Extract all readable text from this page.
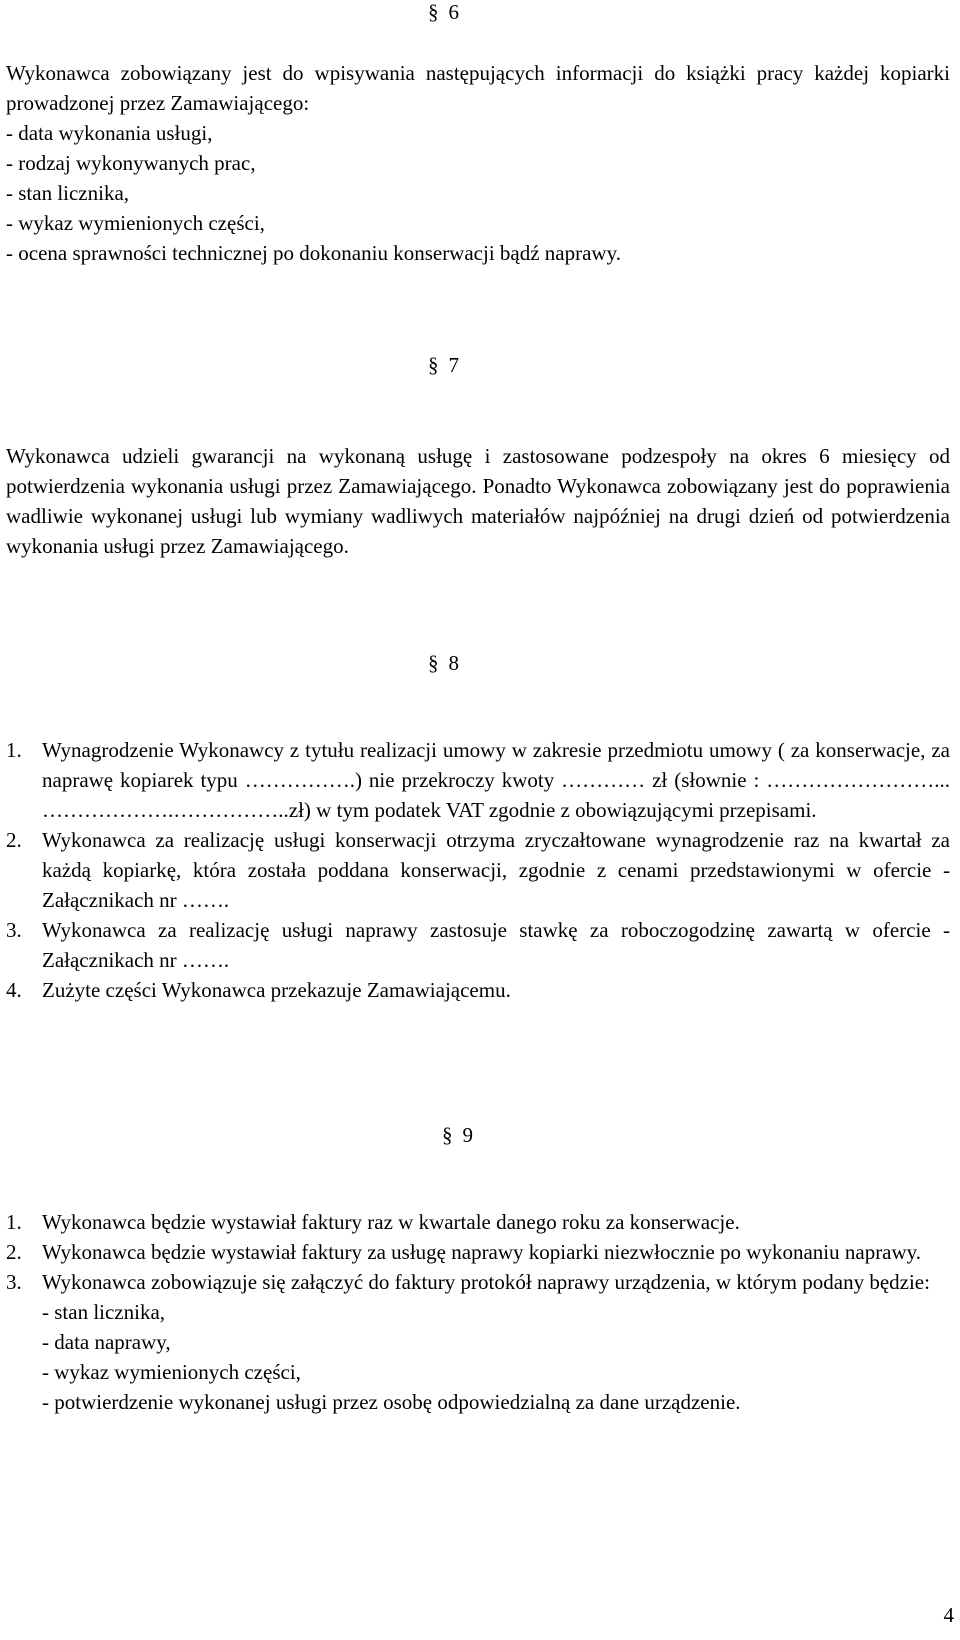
§ 6

Wykonawca zobowiązany jest do wpisywania następujących informacji do książki pracy każdej kopiarki prowadzonej przez Zamawiającego:

- data wykonania usługi,
- rodzaj wykonywanych prac,
- stan licznika,
- wykaz wymienionych części,
- ocena sprawności technicznej po dokonaniu konserwacji bądź naprawy.
§ 7

Wykonawca udzieli gwarancji na wykonaną usługę i zastosowane podzespoły na okres 6 miesięcy od potwierdzenia wykonania usługi przez Zamawiającego. Ponadto Wykonawca zobowiązany jest do poprawienia wadliwie wykonanej usługi lub wymiany wadliwych materiałów najpóźniej na drugi dzień od potwierdzenia wykonania usługi przez Zamawiającego.

§ 8
1. Wynagrodzenie Wykonawcy z tytułu realizacji umowy w zakresie przedmiotu umowy ( za konserwacje, za naprawę kopiarek typu …………….) nie przekroczy kwoty ………… zł (słownie : ……………………... ……………….……………..zł) w tym podatek VAT zgodnie z obowiązującymi przepisami.
2. Wykonawca za realizację usługi konserwacji otrzyma zryczałtowane wynagrodzenie raz na kwartał za każdą kopiarkę, która została poddana konserwacji, zgodnie z cenami przedstawionymi w ofercie - Załącznikach nr …….
3. Wykonawca za realizację usługi naprawy zastosuje stawkę za roboczogodzinę zawartą w ofercie - Załącznikach nr …….
4. Zużyte części Wykonawca przekazuje Zamawiającemu.
§ 9
1. Wykonawca będzie wystawiał faktury raz w kwartale danego roku za konserwacje.
2. Wykonawca będzie wystawiał faktury za usługę naprawy kopiarki niezwłocznie po wykonaniu naprawy.
3. Wykonawca zobowiązuje się załączyć do faktury protokół naprawy urządzenia, w którym podany będzie:
- stan licznika,
- data naprawy,
- wykaz wymienionych części,
- potwierdzenie wykonanej usługi przez osobę odpowiedzialną za dane urządzenie.
4
